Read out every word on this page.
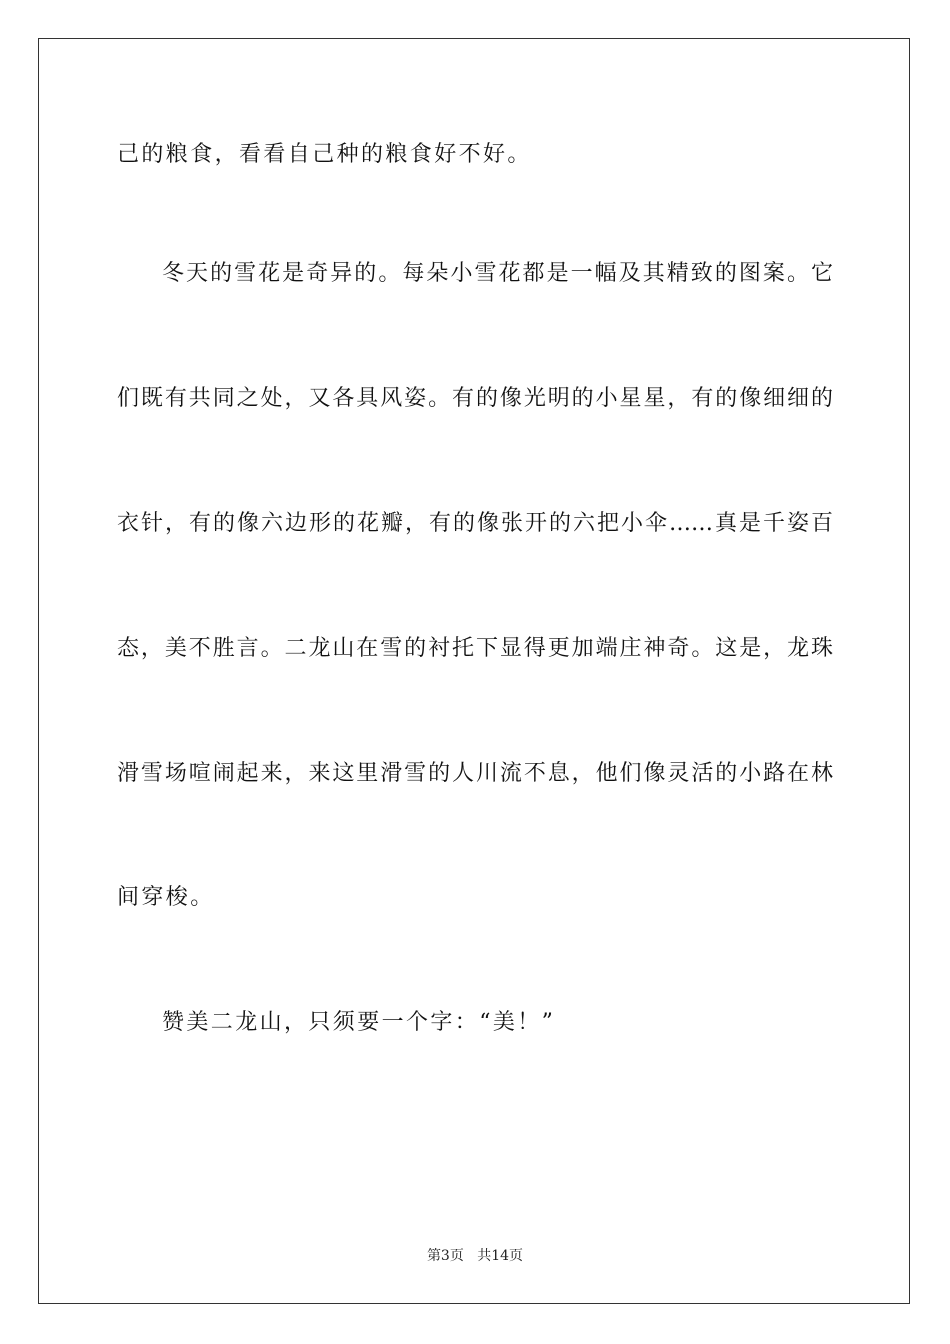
己的粮食，看看自己种的粮食好不好。
冬天的雪花是奇异的。每朵小雪花都是一幅及其精致的图案。它
们既有共同之处，又各具风姿。有的像光明的小星星，有的像细细的
衣针，有的像六边形的花瓣，有的像张开的六把小伞……真是千姿百
态，美不胜言。二龙山在雪的衬托下显得更加端庄神奇。这是，龙珠
滑雪场喧闹起来，来这里滑雪的人川流不息，他们像灵活的小路在林
间穿梭。
赞美二龙山，只须要一个字：“美！”
第3页 共14页
